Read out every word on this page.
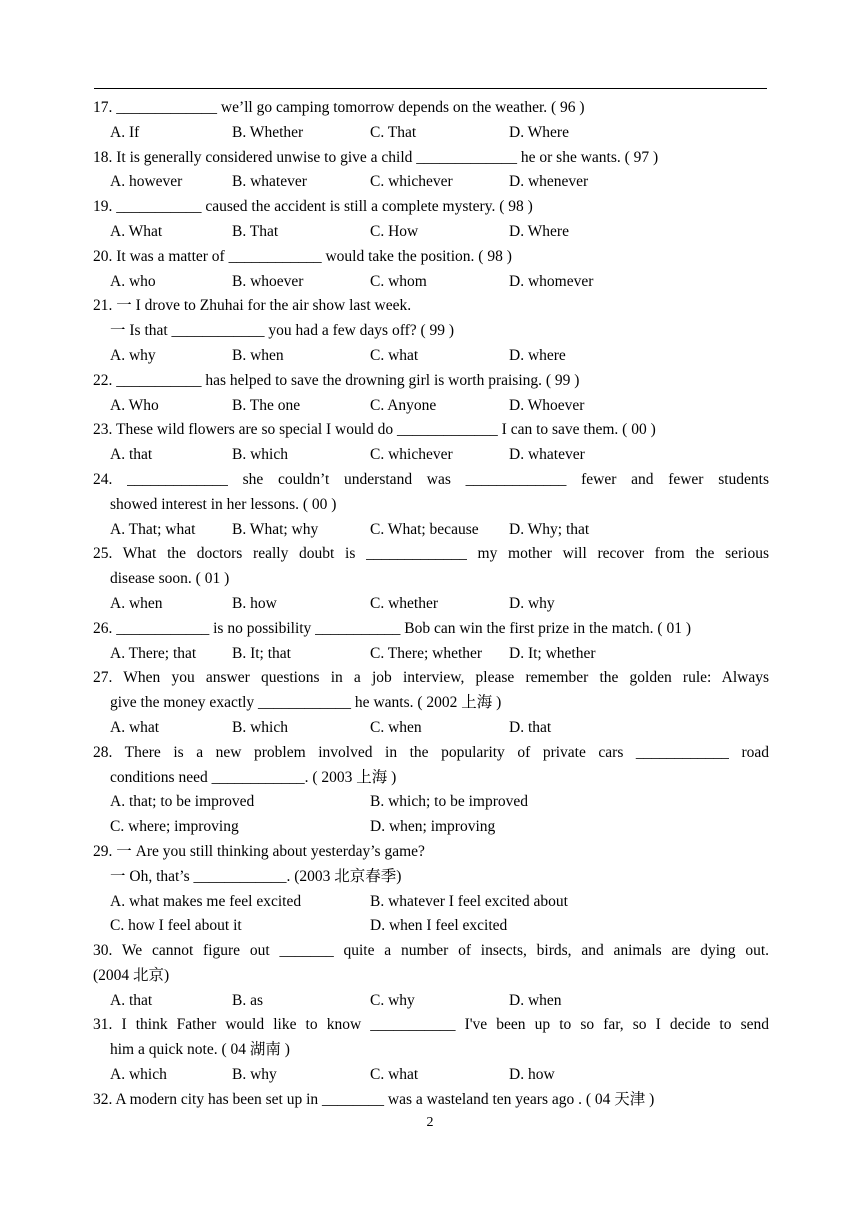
17. _____________ we’ll go camping tomorrow depends on the weather. ( 96 )
A. If	B. Whether	C. That	D. Where
18. It is generally considered unwise to give a child _____________ he or she wants. ( 97 )
A. however	B. whatever	C. whichever	D. whenever
19. ___________ caused the accident is still a complete mystery. ( 98 )
A. What	B. That	C. How	D. Where
20. It was a matter of ____________ would take the position. ( 98 )
A. who	B. whoever	C. whom	D. whomever
21. 一 I drove to Zhuhai for the air show last week.
一 Is that ____________ you had a few days off? ( 99 )
A. why	B. when	C. what	D. where
22. ___________ has helped to save the drowning girl is worth praising. ( 99 )
A. Who	B. The one	C. Anyone	D. Whoever
23. These wild flowers are so special I would do _____________ I can to save them. ( 00 )
A. that	B. which	C. whichever	D. whatever
24. _____________ she couldn’t understand was _____________ fewer and fewer students
showed interest in her lessons. ( 00 )
A. That; what B. What; why	C. What; because D. Why; that
25. What the doctors really doubt is _____________ my mother will recover from the serious
disease soon. ( 01 )
A. when	B. how	C. whether	D. why
26. ____________ is no possibility ___________ Bob can win the first prize in the match. ( 01 )
A. There; that B. It; that	C. There; whether D. It; whether
27. When you answer questions in a job interview, please remember the golden rule: Always
give the money exactly ____________ he wants. ( 2002 上海 )
A. what	B. which	C. when	D. that
28. There is a new problem involved in the popularity of private cars ____________ road
conditions need ____________. ( 2003 上海 )
A. that; to be improved	B. which; to be improved
C. where; improving	D. when; improving
29. 一 Are you still thinking about yesterday’s game?
一 Oh, that’s ____________. (2003 北京春季)
A. what makes me feel excited	B. whatever I feel excited about
C. how I feel about it	D. when I feel excited
30. We cannot figure out _______ quite a number of insects, birds, and animals are dying out.
(2004 北京)
A. that	B. as	C. why	D. when
31. I think Father would like to know ___________ I've been up to so far, so I decide to send
him a quick note. ( 04 湖南 )
A. which	B. why	C. what	D. how
32. A modern city has been set up in ________ was a wasteland ten years ago . ( 04 天津 )
2
